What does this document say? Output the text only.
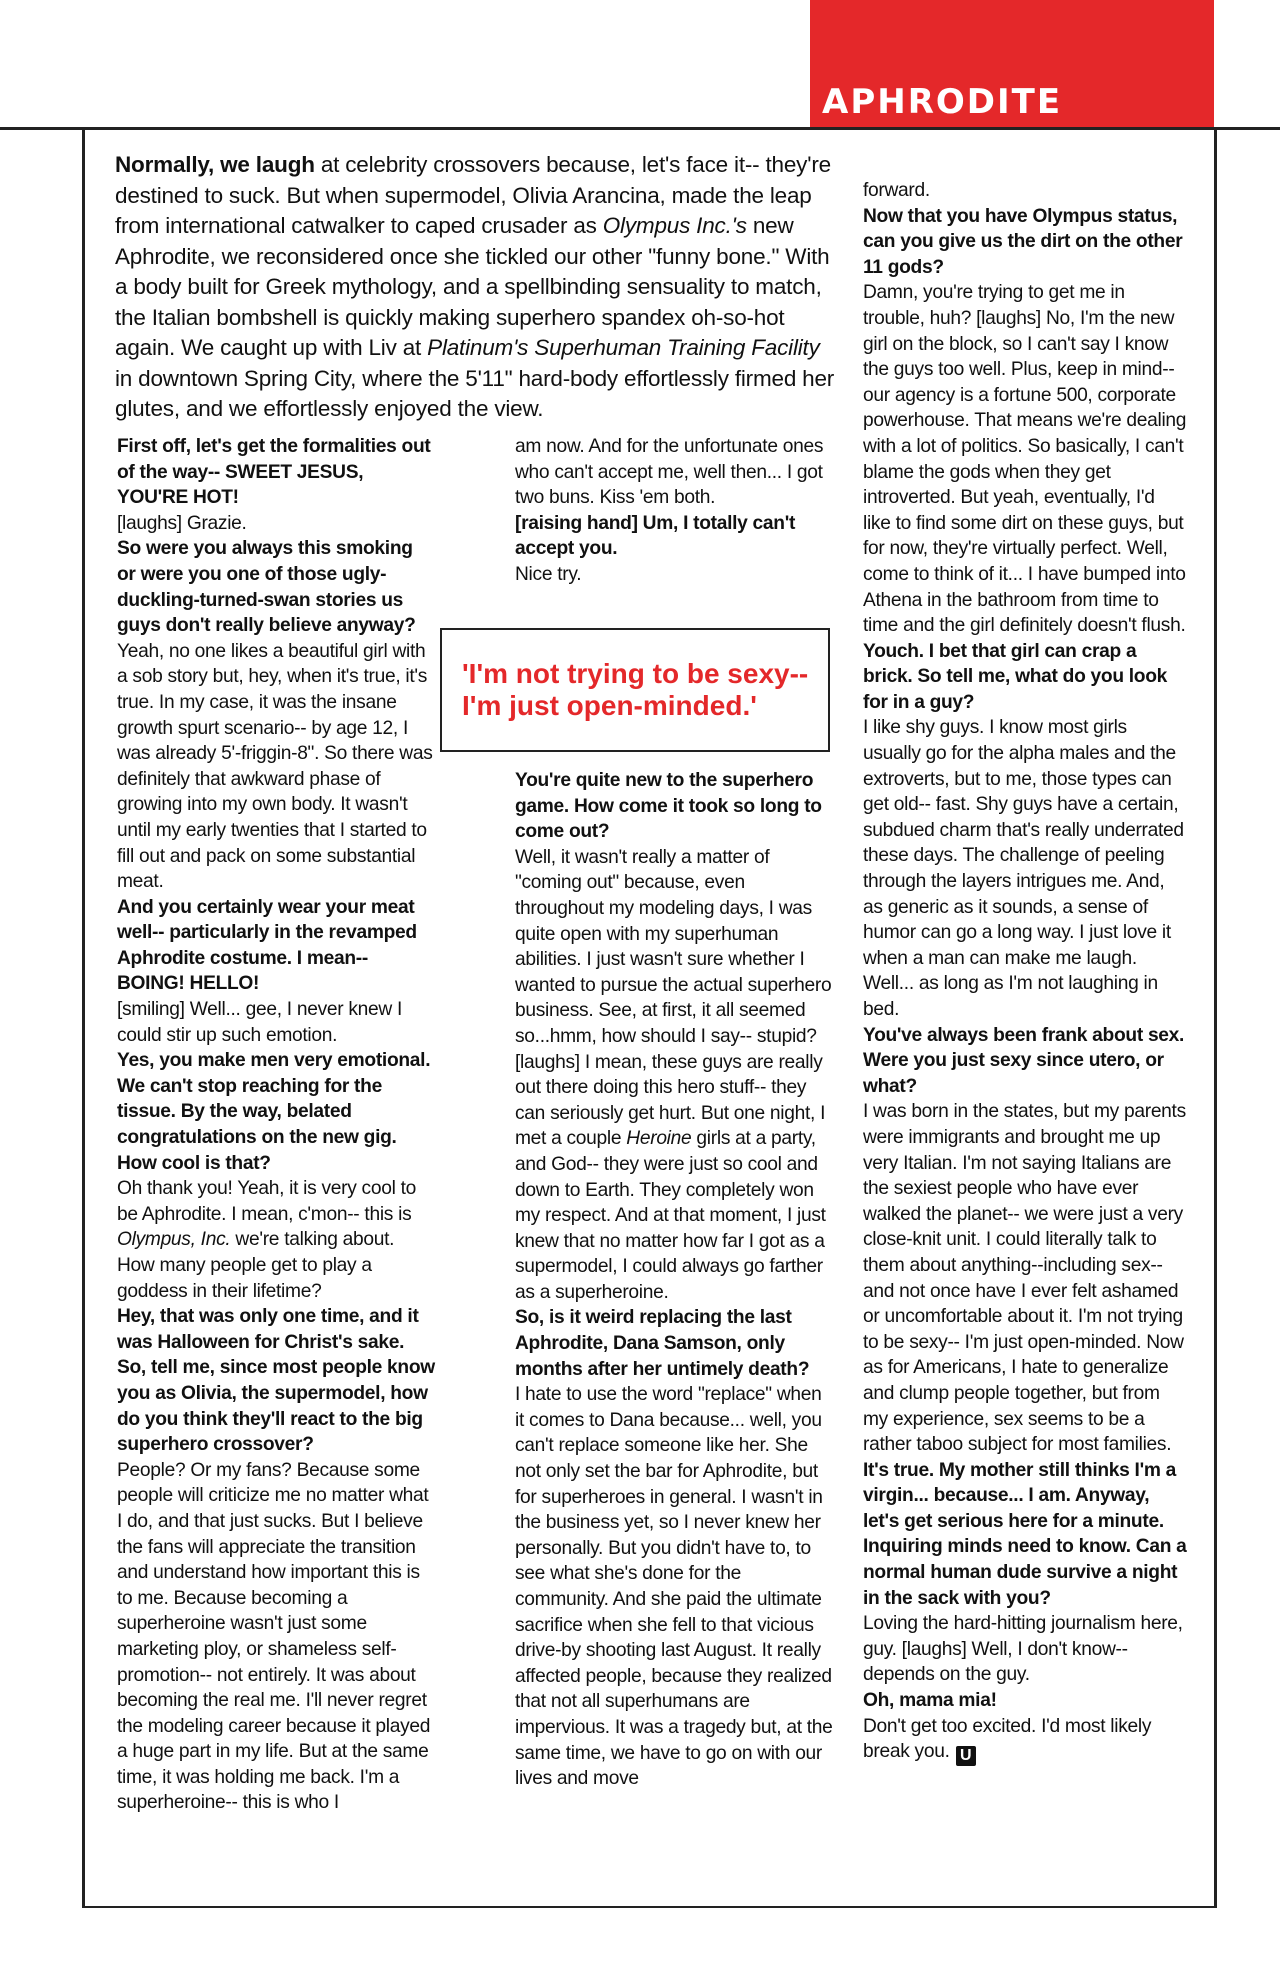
APHRODITE
Normally, we laugh at celebrity crossovers because, let's face it-- they're destined to suck. But when supermodel, Olivia Arancina, made the leap from international catwalker to caped crusader as Olympus Inc.'s new Aphrodite, we reconsidered once she tickled our other "funny bone." With a body built for Greek mythology, and a spellbinding sensuality to match, the Italian bombshell is quickly making superhero spandex oh-so-hot again. We caught up with Liv at Platinum's Superhuman Training Facility in downtown Spring City, where the 5'11" hard-body effortlessly firmed her glutes, and we effortlessly enjoyed the view.
First off, let's get the formalities out of the way-- SWEET JESUS, YOU'RE HOT!
[laughs] Grazie.
So were you always this smoking or were you one of those ugly-duckling-turned-swan stories us guys don't really believe anyway?
Yeah, no one likes a beautiful girl with a sob story but, hey, when it's true, it's true. In my case, it was the insane growth spurt scenario-- by age 12, I was already 5'-friggin-8". So there was definitely that awkward phase of growing into my own body. It wasn't until my early twenties that I started to fill out and pack on some substantial meat.
And you certainly wear your meat well-- particularly in the revamped Aphrodite costume. I mean-- BOING! HELLO!
[smiling] Well... gee, I never knew I could stir up such emotion.
Yes, you make men very emotional. We can't stop reaching for the tissue. By the way, belated congratulations on the new gig. How cool is that?
Oh thank you! Yeah, it is very cool to be Aphrodite. I mean, c'mon-- this is Olympus, Inc. we're talking about. How many people get to play a goddess in their lifetime?
Hey, that was only one time, and it was Halloween for Christ's sake. So, tell me, since most people know you as Olivia, the supermodel, how do you think they'll react to the big superhero crossover?
People? Or my fans? Because some people will criticize me no matter what I do, and that just sucks. But I believe the fans will appreciate the transition and understand how important this is to me. Because becoming a superheroine wasn't just some marketing ploy, or shameless self-promotion-- not entirely. It was about becoming the real me. I'll never regret the modeling career because it played a huge part in my life. But at the same time, it was holding me back. I'm a superheroine-- this is who I
am now. And for the unfortunate ones who can't accept me, well then... I got two buns. Kiss 'em both.
[raising hand] Um, I totally can't accept you.
Nice try.
'I'm not trying to be sexy-- I'm just open-minded.'
You're quite new to the superhero game. How come it took so long to come out?
Well, it wasn't really a matter of "coming out" because, even throughout my modeling days, I was quite open with my superhuman abilities. I just wasn't sure whether I wanted to pursue the actual superhero business. See, at first, it all seemed so...hmm, how should I say-- stupid? [laughs] I mean, these guys are really out there doing this hero stuff-- they can seriously get hurt. But one night, I met a couple Heroine girls at a party, and God-- they were just so cool and down to Earth. They completely won my respect. And at that moment, I just knew that no matter how far I got as a supermodel, I could always go farther as a superheroine.
So, is it weird replacing the last Aphrodite, Dana Samson, only months after her untimely death?
I hate to use the word "replace" when it comes to Dana because... well, you can't replace someone like her. She not only set the bar for Aphrodite, but for superheroes in general. I wasn't in the business yet, so I never knew her personally. But you didn't have to, to see what she's done for the community. And she paid the ultimate sacrifice when she fell to that vicious drive-by shooting last August. It really affected people, because they realized that not all superhumans are impervious. It was a tragedy but, at the same time, we have to go on with our lives and move
forward.
Now that you have Olympus status, can you give us the dirt on the other 11 gods?
Damn, you're trying to get me in trouble, huh? [laughs] No, I'm the new girl on the block, so I can't say I know the guys too well. Plus, keep in mind-- our agency is a fortune 500, corporate powerhouse. That means we're dealing with a lot of politics. So basically, I can't blame the gods when they get introverted. But yeah, eventually, I'd like to find some dirt on these guys, but for now, they're virtually perfect. Well, come to think of it... I have bumped into Athena in the bathroom from time to time and the girl definitely doesn't flush.
Youch. I bet that girl can crap a brick. So tell me, what do you look for in a guy?
I like shy guys. I know most girls usually go for the alpha males and the extroverts, but to me, those types can get old-- fast. Shy guys have a certain, subdued charm that's really underrated these days. The challenge of peeling through the layers intrigues me. And, as generic as it sounds, a sense of humor can go a long way. I just love it when a man can make me laugh. Well... as long as I'm not laughing in bed.
You've always been frank about sex. Were you just sexy since utero, or what?
I was born in the states, but my parents were immigrants and brought me up very Italian. I'm not saying Italians are the sexiest people who have ever walked the planet-- we were just a very close-knit unit. I could literally talk to them about anything--including sex--and not once have I ever felt ashamed or uncomfortable about it. I'm not trying to be sexy-- I'm just open-minded. Now as for Americans, I hate to generalize and clump people together, but from my experience, sex seems to be a rather taboo subject for most families.
It's true. My mother still thinks I'm a virgin... because... I am. Anyway, let's get serious here for a minute. Inquiring minds need to know. Can a normal human dude survive a night in the sack with you?
Loving the hard-hitting journalism here, guy. [laughs] Well, I don't know-- depends on the guy.
Oh, mama mia!
Don't get too excited. I'd most likely break you. U
